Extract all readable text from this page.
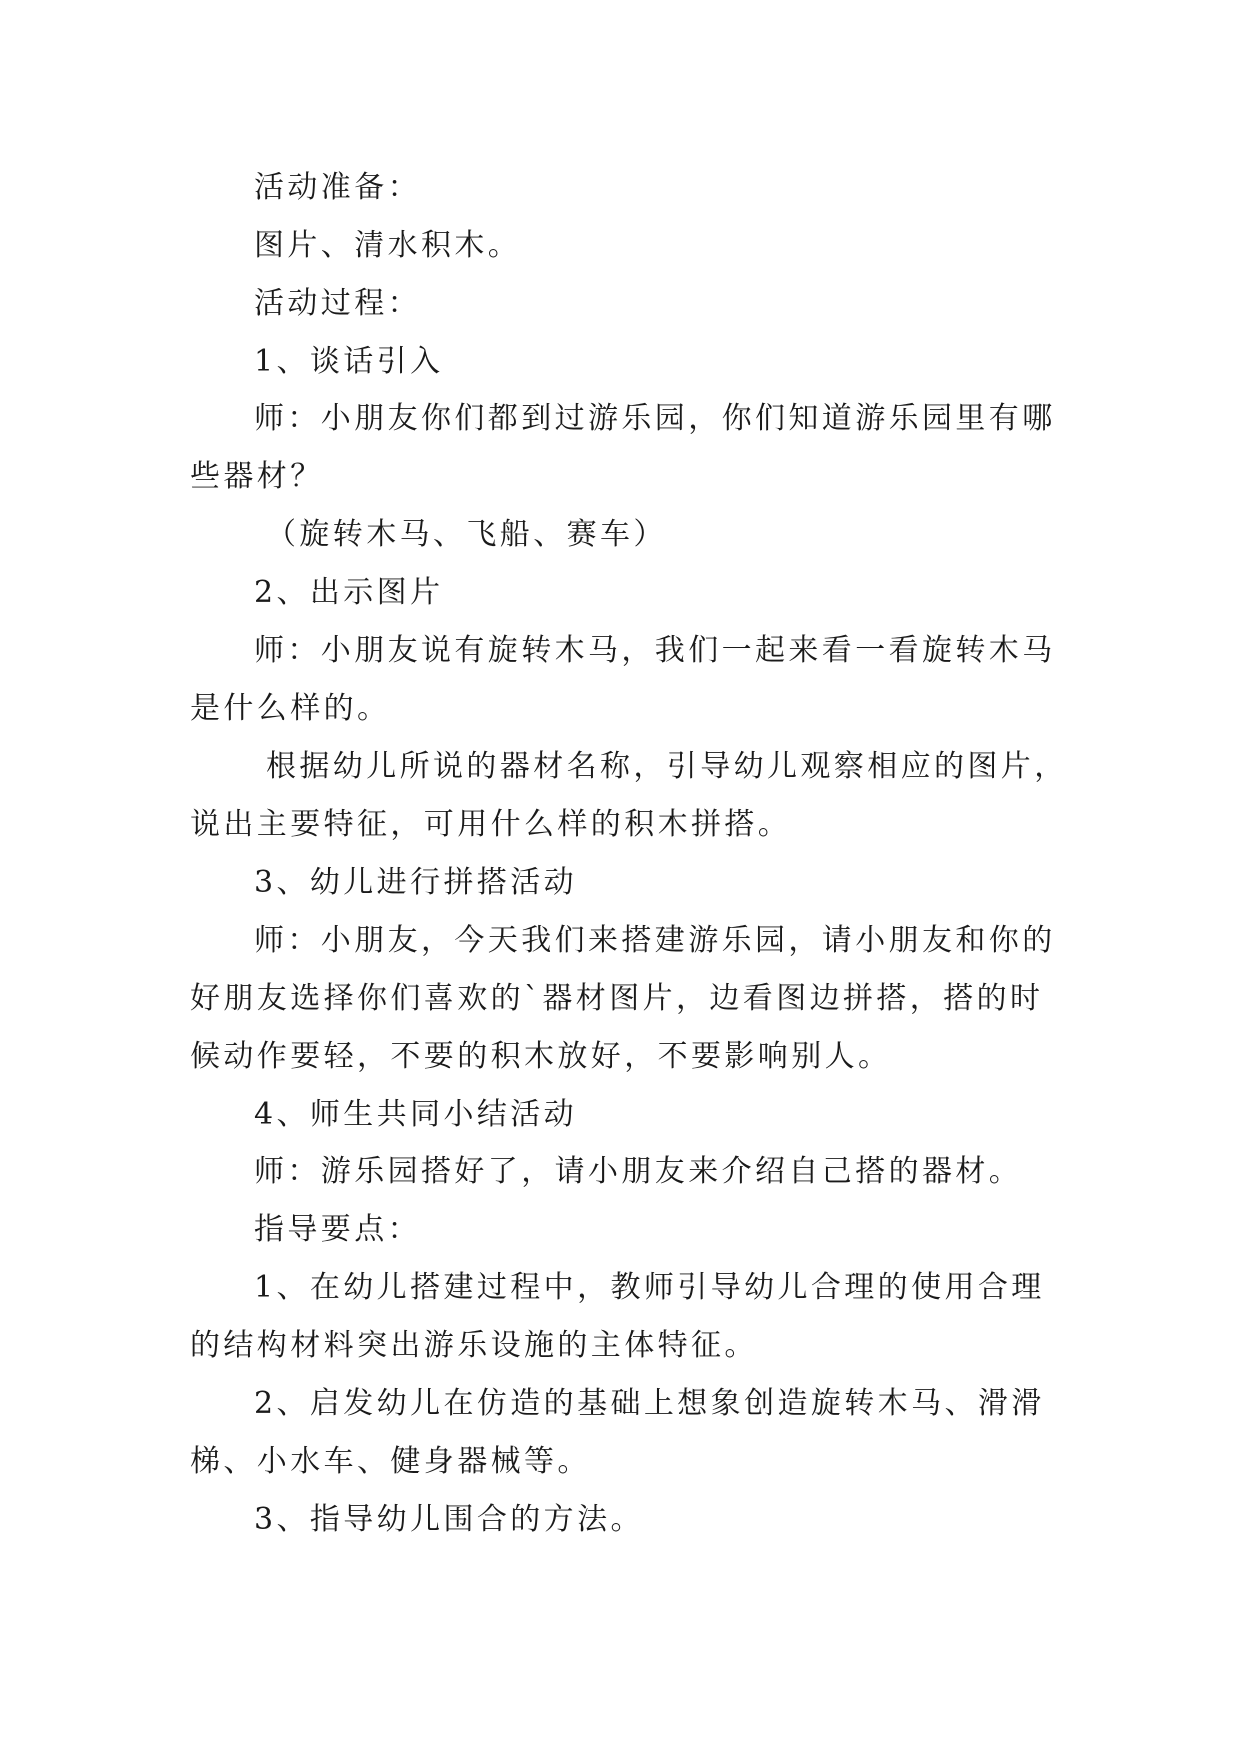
活动准备：

图片、清水积木。

活动过程：

1、谈话引入

师：小朋友你们都到过游乐园，你们知道游乐园里有哪

些器材？

（旋转木马、飞船、赛车）

2、出示图片

师：小朋友说有旋转木马，我们一起来看一看旋转木马

是什么样的。

根据幼儿所说的器材名称，引导幼儿观察相应的图片，

说出主要特征，可用什么样的积木拼搭。

3、幼儿进行拼搭活动

师：小朋友，今天我们来搭建游乐园，请小朋友和你的

好朋友选择你们喜欢的`器材图片，边看图边拼搭，搭的时

候动作要轻，不要的积木放好，不要影响别人。

4、师生共同小结活动

师：游乐园搭好了，请小朋友来介绍自己搭的器材。

指导要点：

1、在幼儿搭建过程中，教师引导幼儿合理的使用合理

的结构材料突出游乐设施的主体特征。

2、启发幼儿在仿造的基础上想象创造旋转木马、滑滑

梯、小水车、健身器械等。

3、指导幼儿围合的方法。
